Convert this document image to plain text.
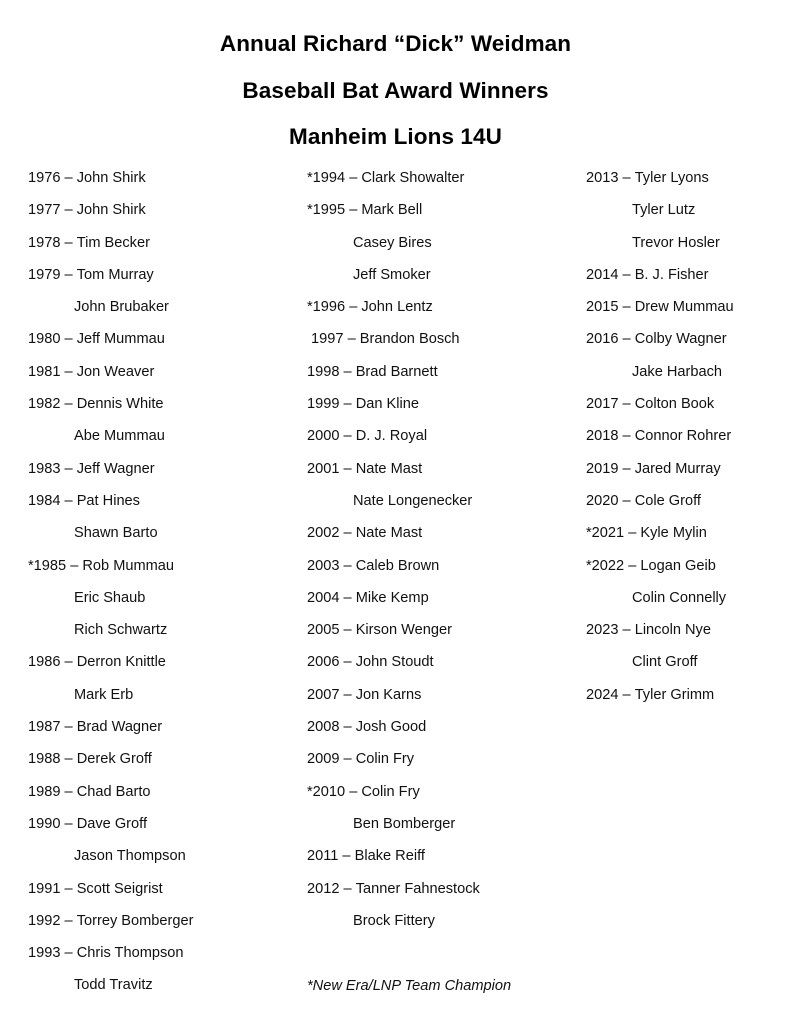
Annual Richard “Dick” Weidman
Baseball Bat Award Winners
Manheim Lions 14U
1976 – John Shirk
1977 – John Shirk
1978 – Tim Becker
1979 – Tom Murray
John Brubaker
1980 – Jeff Mummau
1981 – Jon Weaver
1982 – Dennis White
Abe Mummau
1983 – Jeff Wagner
1984 – Pat Hines
Shawn Barto
*1985 – Rob Mummau
Eric Shaub
Rich Schwartz
1986 – Derron Knittle
Mark Erb
1987 – Brad Wagner
1988 – Derek Groff
1989 – Chad Barto
1990 – Dave Groff
Jason Thompson
1991 – Scott Seigrist
1992 – Torrey Bomberger
1993 – Chris Thompson
Todd Travitz
*1994 – Clark Showalter
*1995 – Mark Bell
Casey Bires
Jeff Smoker
*1996 – John Lentz
1997 – Brandon Bosch
1998 – Brad Barnett
1999 – Dan Kline
2000 – D. J. Royal
2001 – Nate Mast
Nate Longenecker
2002 – Nate Mast
2003 – Caleb Brown
2004 – Mike Kemp
2005 – Kirson Wenger
2006 – John Stoudt
2007 – Jon Karns
2008 – Josh Good
2009 – Colin Fry
*2010 – Colin Fry
Ben Bomberger
2011 – Blake Reiff
2012 – Tanner Fahnestock
Brock Fittery
2013 – Tyler Lyons
Tyler Lutz
Trevor Hosler
2014 – B. J. Fisher
2015 – Drew Mummau
2016 – Colby Wagner
Jake Harbach
2017 – Colton Book
2018 – Connor Rohrer
2019 – Jared Murray
2020 – Cole Groff
*2021 – Kyle Mylin
*2022 – Logan Geib
Colin Connelly
2023 – Lincoln Nye
Clint Groff
2024 – Tyler Grimm
*New Era/LNP Team Champion
